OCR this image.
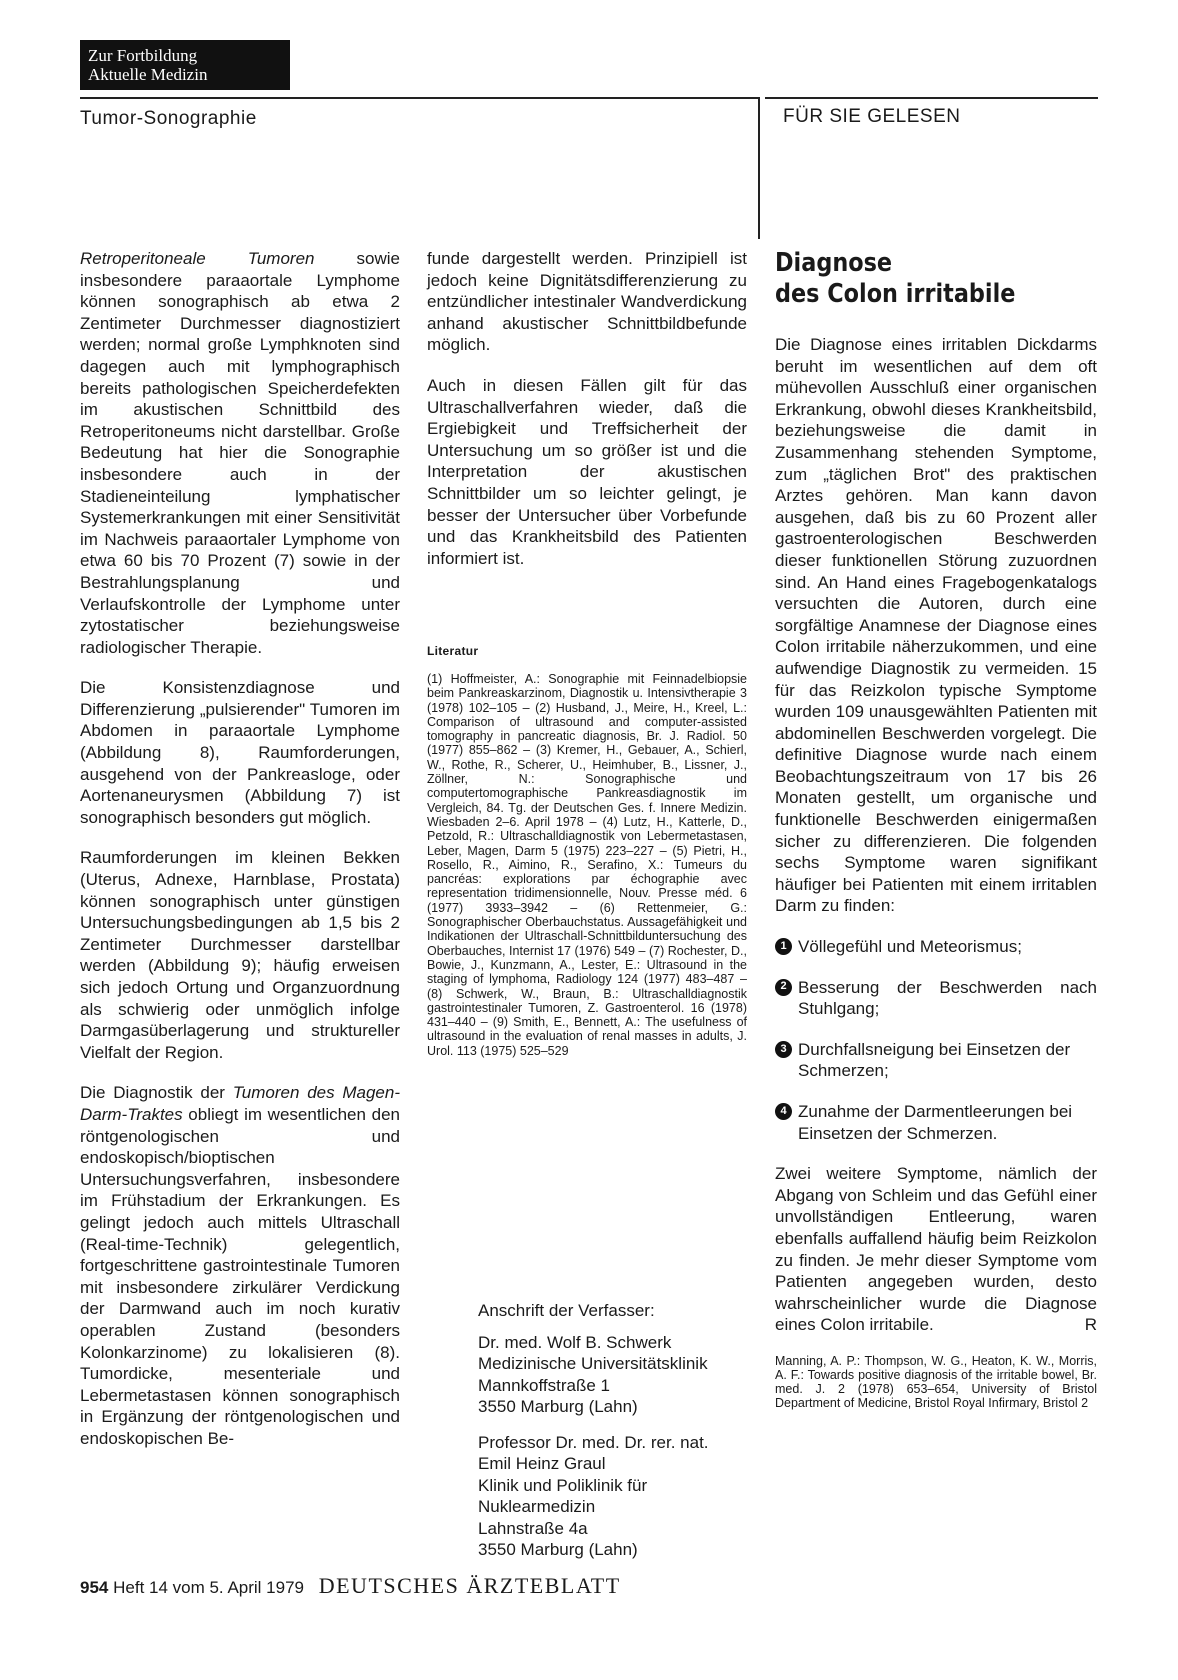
Zur Fortbildung
Aktuelle Medizin
Tumor-Sonographie	FÜR SIE GELESEN

Retroperitoneale Tumoren sowie insbesondere paraaortale Lymphome können sonographisch ab etwa 2 Zentimeter Durchmesser diagnostiziert werden; normal große Lymphknoten sind dagegen auch mit lymphographisch bereits pathologischen Speicherdefekten im akustischen Schnittbild des Retroperitoneums nicht darstellbar. Große Bedeutung hat hier die Sonographie insbesondere auch in der Stadieneinteilung lymphatischer Systemerkrankungen mit einer Sensitivität im Nachweis paraaortaler Lymphome von etwa 60 bis 70 Prozent (7) sowie in der Bestrahlungsplanung und Verlaufskontrolle der Lymphome unter zytostatischer beziehungsweise radiologischer Therapie.

Die Konsistenzdiagnose und Differenzierung „pulsierender" Tumoren im Abdomen in paraaortale Lymphome (Abbildung 8), Raumforderungen, ausgehend von der Pankreasloge, oder Aortenaneurysmen (Abbildung 7) ist sonographisch besonders gut möglich.

Raumforderungen im kleinen Bekken (Uterus, Adnexe, Harnblase, Prostata) können sonographisch unter günstigen Untersuchungsbedingungen ab 1,5 bis 2 Zentimeter Durchmesser darstellbar werden (Abbildung 9); häufig erweisen sich jedoch Ortung und Organzuordnung als schwierig oder unmöglich infolge Darmgasüberlagerung und struktureller Vielfalt der Region.

Die Diagnostik der Tumoren des Magen-Darm-Traktes obliegt im wesentlichen den röntgenologischen und endoskopisch/bioptischen Untersuchungsverfahren, insbesondere im Frühstadium der Erkrankungen. Es gelingt jedoch auch mittels Ultraschall (Real-time-Technik) gelegentlich, fortgeschrittene gastrointestinale Tumoren mit insbesondere zirkulärer Verdickung der Darmwand auch im noch kurativ operablen Zustand (besonders Kolonkarzinome) zu lokalisieren (8). Tumordicke, mesenteriale und Lebermetastasen können sonographisch in Ergänzung der röntgenologischen und endoskopischen Be-

funde dargestellt werden. Prinzipiell ist jedoch keine Dignitätsdifferenzierung zu entzündlicher intestinaler Wandverdickung anhand akustischer Schnittbildbefunde möglich.

Auch in diesen Fällen gilt für das Ultraschallverfahren wieder, daß die Ergiebigkeit und Treffsicherheit der Untersuchung um so größer ist und die Interpretation der akustischen Schnittbilder um so leichter gelingt, je besser der Untersucher über Vorbefunde und das Krankheitsbild des Patienten informiert ist.

Literatur
(1) Hoffmeister, A.: Sonographie mit Feinnadelbiopsie beim Pankreaskarzinom, Diagnostik u. Intensivtherapie 3 (1978) 102–105 – (2) Husband, J., Meire, H., Kreel, L.: Comparison of ultrasound and computer-assisted tomography in pancreatic diagnosis, Br. J. Radiol. 50 (1977) 855–862 – (3) Kremer, H., Gebauer, A., Schierl, W., Rothe, R., Scherer, U., Heimhuber, B., Lissner, J., Zöllner, N.: Sonographische und computertomographische Pankreasdiagnostik im Vergleich, 84. Tg. der Deutschen Ges. f. Innere Medizin. Wiesbaden 2–6. April 1978 – (4) Lutz, H., Katterle, D., Petzold, R.: Ultraschalldiagnostik von Lebermetastasen, Leber, Magen, Darm 5 (1975) 223–227 – (5) Pietri, H., Rosello, R., Aimino, R., Serafino, X.: Tumeurs du pancréas: explorations par échographie avec representation tridimensionnelle, Nouv. Presse méd. 6 (1977) 3933–3942 – (6) Rettenmeier, G.: Sonographischer Oberbauchstatus. Aussagefähigkeit und Indikationen der Ultraschall-Schnittbilduntersuchung des Oberbauches, Internist 17 (1976) 549 – (7) Rochester, D., Bowie, J., Kunzmann, A., Lester, E.: Ultrasound in the staging of lymphoma, Radiology 124 (1977) 483–487 – (8) Schwerk, W., Braun, B.: Ultraschalldiagnostik gastrointestinaler Tumoren, Z. Gastroenterol. 16 (1978) 431–440 – (9) Smith, E., Bennett, A.: The usefulness of ultrasound in the evaluation of renal masses in adults, J. Urol. 113 (1975) 525–529
Anschrift der Verfasser:
Dr. med. Wolf B. Schwerk
Medizinische Universitätsklinik
Mannkoffstraße 1
3550 Marburg (Lahn)
Professor Dr. med. Dr. rer. nat.
Emil Heinz Graul
Klinik und Poliklinik für
Nuklearmedizin
Lahnstraße 4a
3550 Marburg (Lahn)
Diagnose
des Colon irritabile

Die Diagnose eines irritablen Dickdarms beruht im wesentlichen auf dem oft mühevollen Ausschluß einer organischen Erkrankung, obwohl dieses Krankheitsbild, beziehungsweise die damit in Zusammenhang stehenden Symptome, zum „täglichen Brot" des praktischen Arztes gehören. Man kann davon ausgehen, daß bis zu 60 Prozent aller gastroenterologischen Beschwerden dieser funktionellen Störung zuzuordnen sind. An Hand eines Fragebogenkatalogs versuchten die Autoren, durch eine sorgfältige Anamnese der Diagnose eines Colon irritabile näherzukommen, und eine aufwendige Diagnostik zu vermeiden. 15 für das Reizkolon typische Symptome wurden 109 unausgewählten Patienten mit abdominellen Beschwerden vorgelegt. Die definitive Diagnose wurde nach einem Beobachtungszeitraum von 17 bis 26 Monaten gestellt, um organische und funktionelle Beschwerden einigermaßen sicher zu differenzieren. Die folgenden sechs Symptome waren signifikant häufiger bei Patienten mit einem irritablen Darm zu finden:

1 Völlegefühl und Meteorismus;
2 Besserung der Beschwerden nach Stuhlgang;
3 Durchfallsneigung bei Einsetzen der Schmerzen;
4 Zunahme der Darmentleerungen bei Einsetzen der Schmerzen.

Zwei weitere Symptome, nämlich der Abgang von Schleim und das Gefühl einer unvollständigen Entleerung, waren ebenfalls auffallend häufig beim Reizkolon zu finden. Je mehr dieser Symptome vom Patienten angegeben wurden, desto wahrscheinlicher wurde die Diagnose eines Colon irritabile.	R

Manning, A. P.: Thompson, W. G., Heaton, K. W., Morris, A. F.: Towards positive diagnosis of the irritable bowel, Br. med. J. 2 (1978) 653–654, University of Bristol Department of Medicine, Bristol Royal Infirmary, Bristol 2
954 Heft 14 vom 5. April 1979 DEUTSCHES ÄRZTEBLATT
